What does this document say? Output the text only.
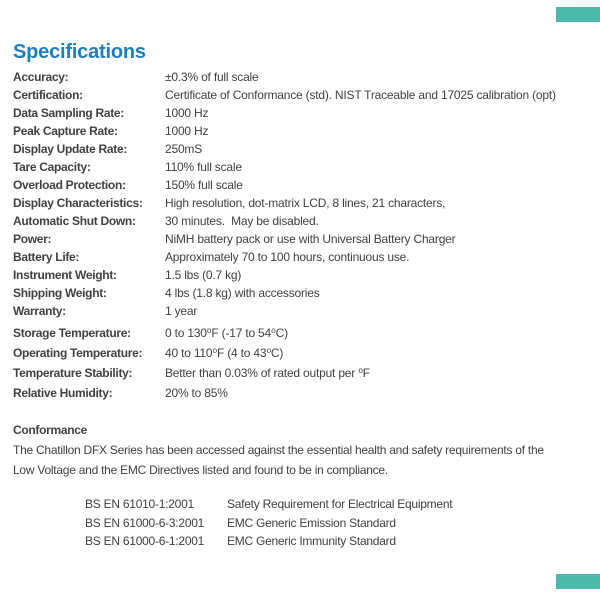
Specifications
Accuracy:	±0.3% of full scale
Certification:	Certificate of Conformance (std). NIST Traceable and 17025 calibration (opt)
Data Sampling Rate:	1000 Hz
Peak Capture Rate:	1000 Hz
Display Update Rate:	250mS
Tare Capacity:	110% full scale
Overload Protection:	150% full scale
Display Characteristics:	High resolution, dot-matrix LCD, 8 lines, 21 characters,
Automatic Shut Down:	30 minutes.  May be disabled.
Power:	NiMH battery pack or use with Universal Battery Charger
Battery Life:	Approximately 70 to 100 hours, continuous use.
Instrument Weight:	1.5 lbs (0.7 kg)
Shipping Weight:	4 lbs (1.8 kg) with accessories
Warranty:	1 year
Storage Temperature:	0 to 130⁰F (-17 to 54⁰C)
Operating Temperature:	40 to 110⁰F (4 to 43⁰C)
Temperature Stability:	Better than 0.03% of rated output per ⁰F
Relative Humidity:	20% to 85%
Conformance
The Chatillon DFX Series has been accessed against the essential health and safety requirements of the
Low Voltage and the EMC Directives listed and found to be in compliance.
BS EN 61010-1:2001	Safety Requirement for Electrical Equipment
BS EN 61000-6-3:2001	EMC Generic Emission Standard
BS EN 61000-6-1:2001	EMC Generic Immunity Standard
